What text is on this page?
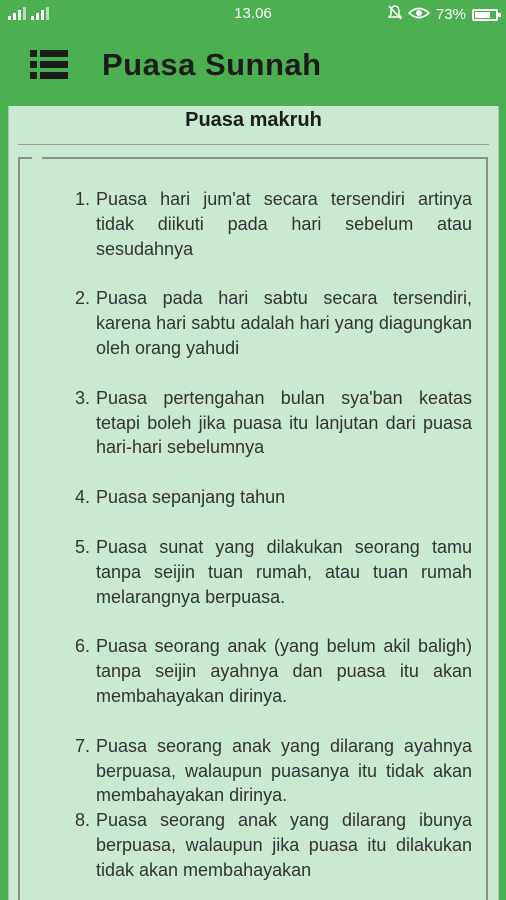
13.06	73%
Puasa Sunnah
Puasa makruh
1. Puasa hari jum'at secara tersendiri artinya tidak diikuti pada hari sebelum atau sesudahnya
2. Puasa pada hari sabtu secara tersendiri, karena hari sabtu adalah hari yang diagungkan oleh orang yahudi
3. Puasa pertengahan bulan sya'ban keatas tetapi boleh jika puasa itu lanjutan dari puasa hari-hari sebelumnya
4. Puasa sepanjang tahun
5. Puasa sunat yang dilakukan seorang tamu tanpa seijin tuan rumah, atau tuan rumah melarangnya berpuasa.
6. Puasa seorang anak (yang belum akil baligh) tanpa seijin ayahnya dan puasa itu akan membahayakan dirinya.
7. Puasa seorang anak yang dilarang ayahnya berpuasa, walaupun puasanya itu tidak akan membahayakan dirinya.
8. Puasa seorang anak yang dilarang ibunya berpuasa, walaupun jika puasa itu dilakukan tidak akan membahayakan
